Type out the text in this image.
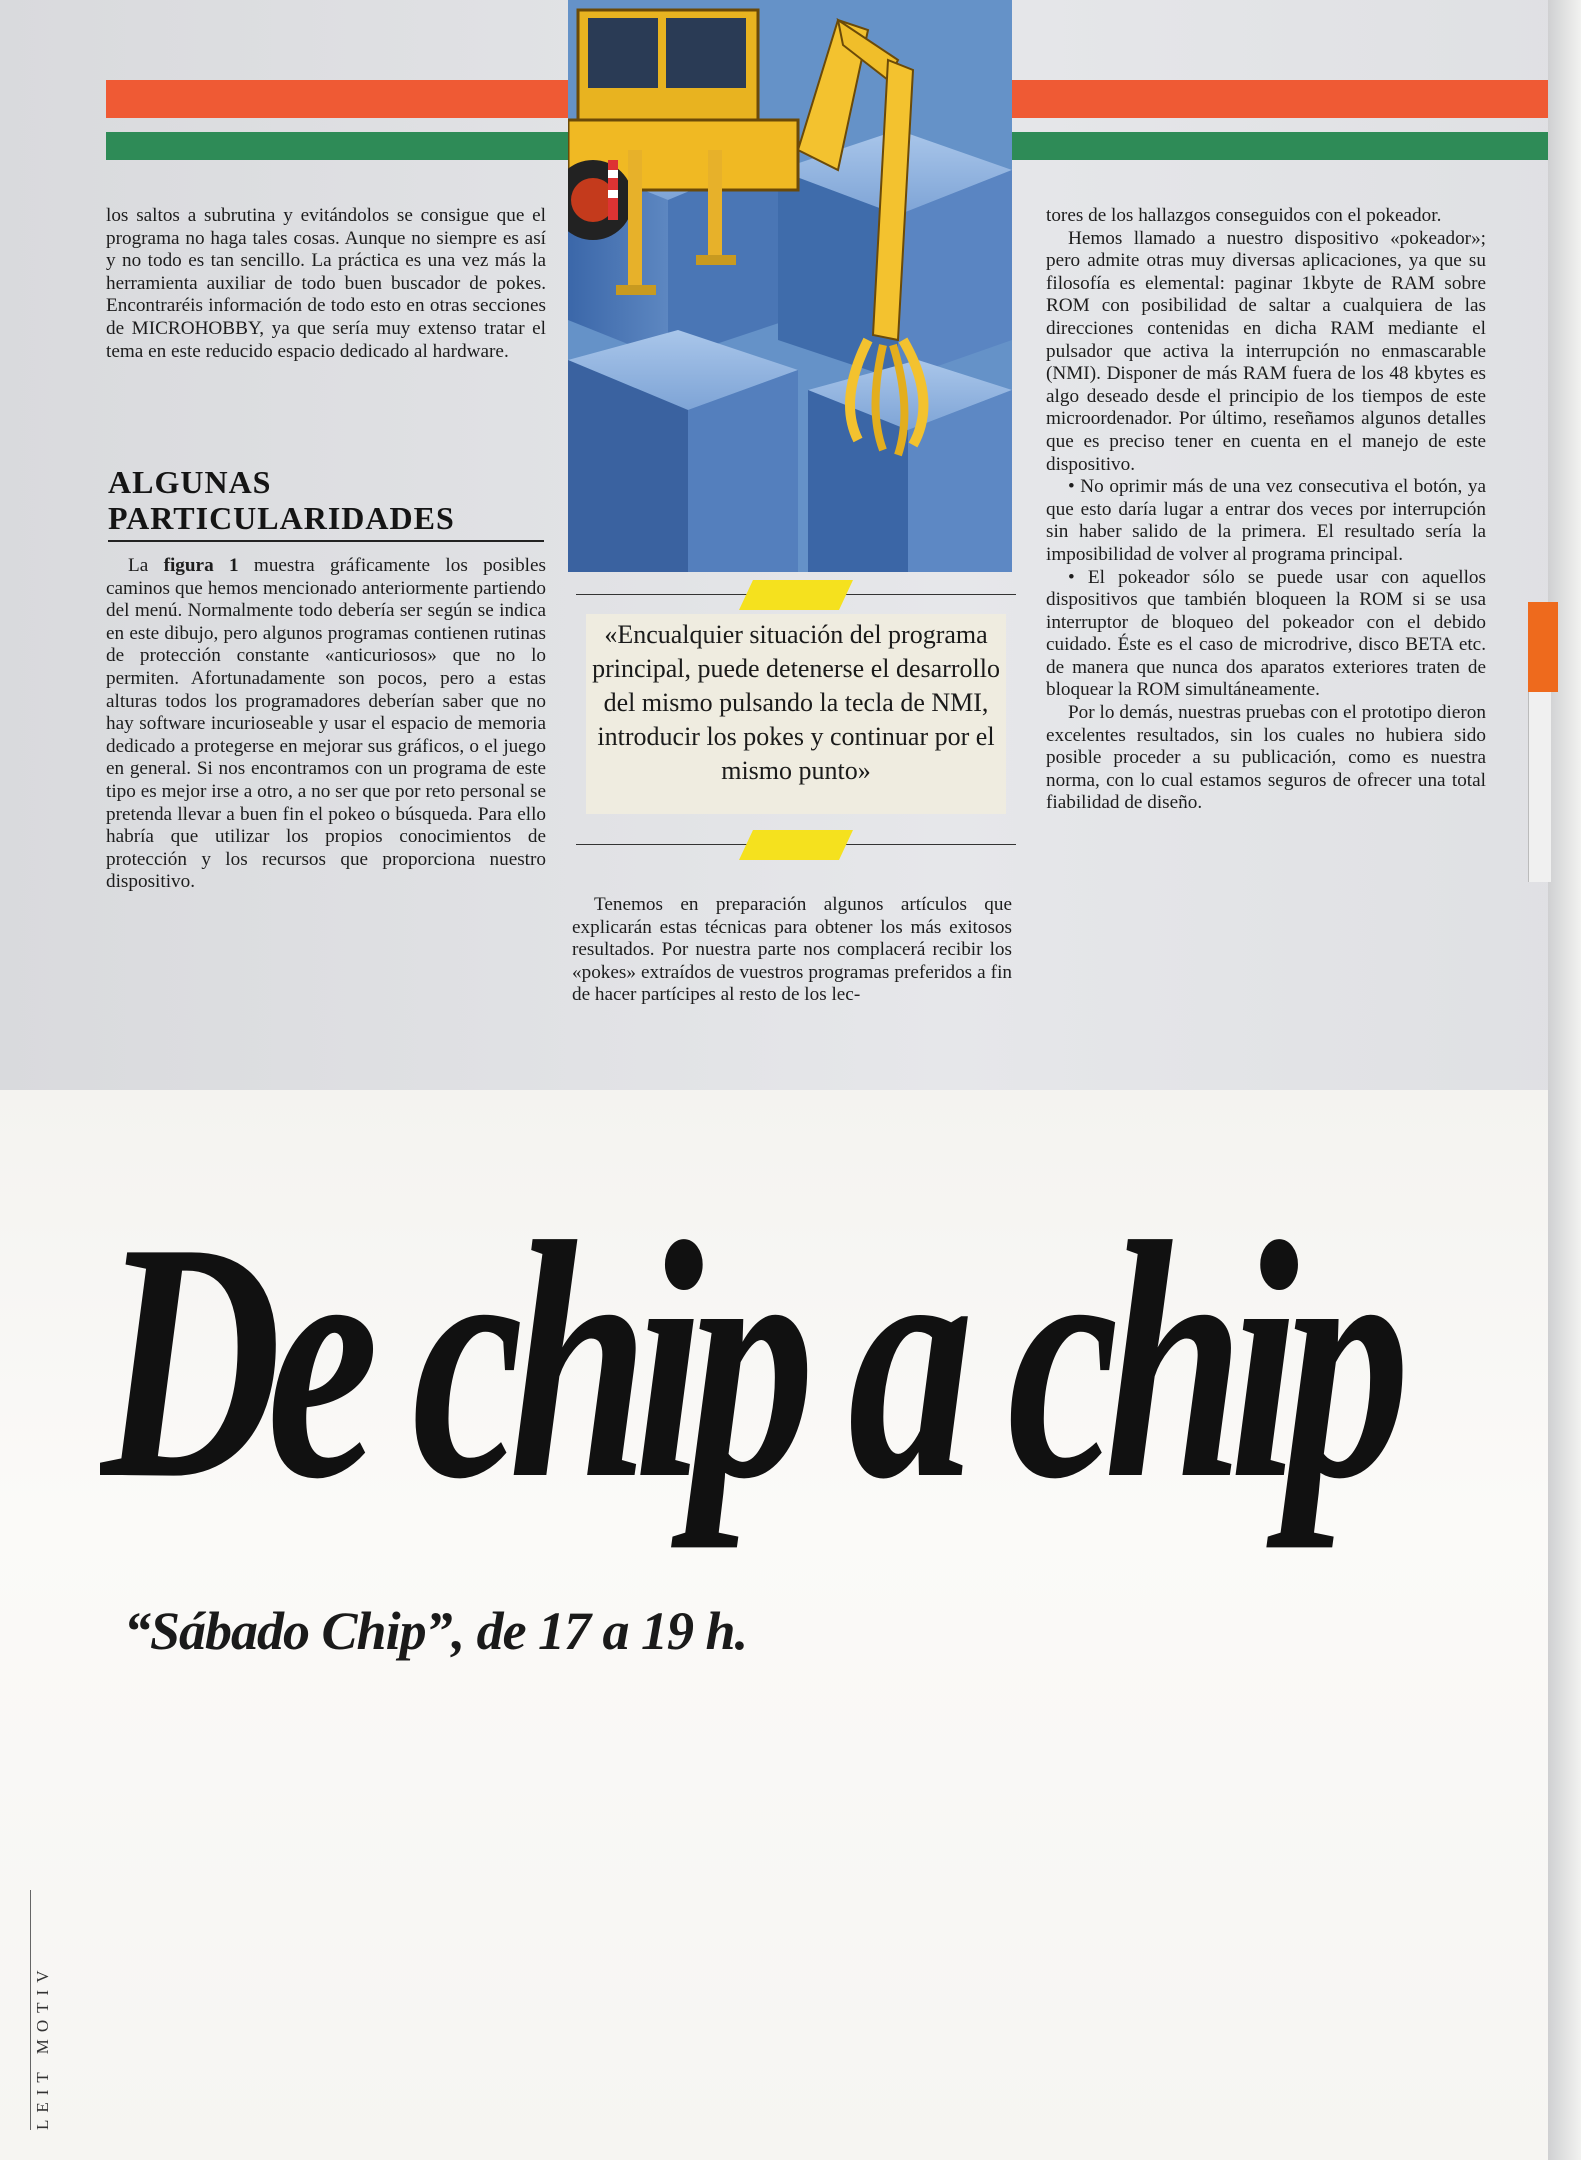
los saltos a subrutina y evitándolos se consigue que el programa no haga tales cosas. Aunque no siempre es así y no todo es tan sencillo. La práctica es una vez más la herramienta auxiliar de todo buen buscador de pokes. Encontraréis información de todo esto en otras secciones de MICROHOBBY, ya que sería muy extenso tratar el tema en este reducido espacio dedicado al hardware.

La figura 1 muestra gráficamente los posibles caminos que hemos mencionado anteriormente partiendo del menú. Normalmente todo debería ser según se indica en este dibujo, pero algunos programas contienen rutinas de protección constante «anticuriosos» que no lo permiten. Afortunadamente son pocos, pero a estas alturas todos los programadores deberían saber que no hay software incurioseable y usar el espacio de memoria dedicado a protegerse en mejorar sus gráficos, o el juego en general. Si nos encontramos con un programa de este tipo es mejor irse a otro, a no ser que por reto personal se pretenda llevar a buen fin el pokeo o búsqueda. Para ello habría que utilizar los propios conocimientos de protección y los recursos que proporciona nuestro dispositivo.

ALGUNAS PARTICULARIDADES
«Encualquier situación del programa principal, puede detenerse el desarrollo del mismo pulsando la tecla de NMI, introducir los pokes y continuar por el mismo punto»

Tenemos en preparación algunos artículos que explicarán estas técnicas para obtener los más exitosos resultados. Por nuestra parte nos complacerá recibir los «pokes» extraídos de vuestros programas preferidos a fin de hacer partícipes al resto de los lec-

tores de los hallazgos conseguidos con el pokeador.

Hemos llamado a nuestro dispositivo «pokeador»; pero admite otras muy diversas aplicaciones, ya que su filosofía es elemental: paginar 1kbyte de RAM sobre ROM con posibilidad de saltar a cualquiera de las direcciones contenidas en dicha RAM mediante el pulsador que activa la interrupción no enmascarable (NMI). Disponer de más RAM fuera de los 48 kbytes es algo deseado desde el principio de los tiempos de este microordenador. Por último, reseñamos algunos detalles que es preciso tener en cuenta en el manejo de este dispositivo.

• No oprimir más de una vez consecutiva el botón, ya que esto daría lugar a entrar dos veces por interrupción sin haber salido de la primera. El resultado sería la imposibilidad de volver al programa principal.

• El pokeador sólo se puede usar con aquellos dispositivos que también bloqueen la ROM si se usa interruptor de bloqueo del pokeador con el debido cuidado. Éste es el caso de microdrive, disco BETA etc. de manera que nunca dos aparatos exteriores traten de bloquear la ROM simultáneamente.

Por lo demás, nuestras pruebas con el prototipo dieron excelentes resultados, sin los cuales no hubiera sido posible proceder a su publicación, como es nuestra norma, con lo cual estamos seguros de ofrecer una total fiabilidad de diseño.

De chip a chip
“Sábado Chip”, de 17 a 19 h.
LEIT MOTIV
